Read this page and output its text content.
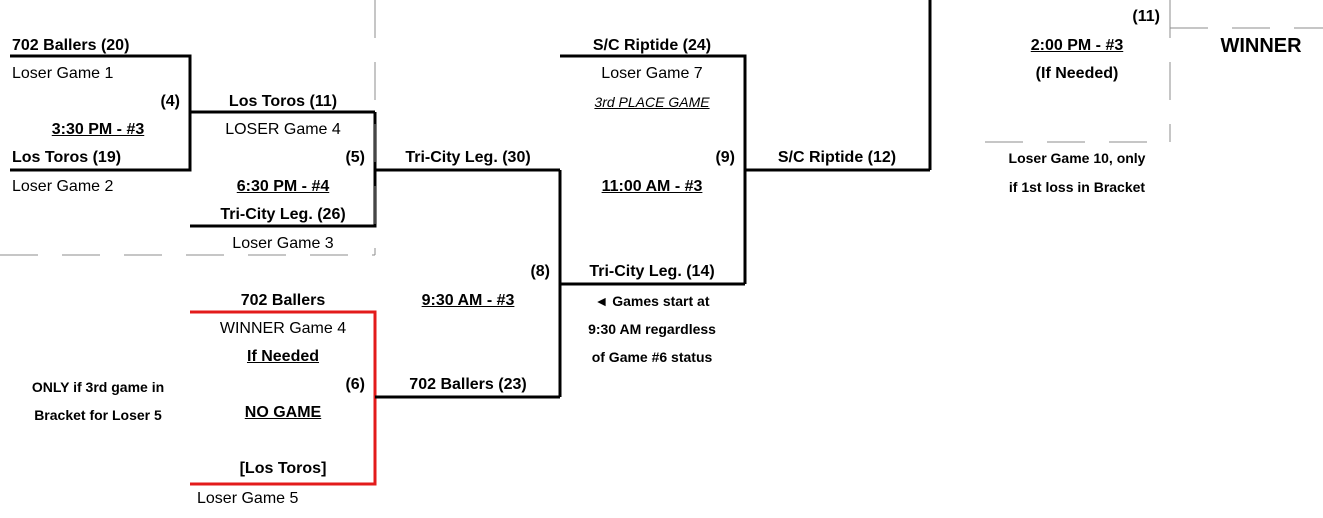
702 Ballers (20)
Loser Game 1
(4)
3:30 PM - #3
Los Toros (19)
Loser Game 2
Los Toros (11)
LOSER Game 4
(5)
6:30 PM - #4
Tri-City Leg. (26)
Loser Game 3
702 Ballers
WINNER Game 4
If Needed
(6)
NO GAME
[Los Toros]
Loser Game 5
ONLY if 3rd game in
Bracket for Loser 5
Tri-City Leg. (30)
(8)
9:30 AM - #3
702 Ballers (23)
S/C Riptide (24)
Loser Game 7
3rd PLACE GAME
(9)
11:00 AM - #3
Tri-City Leg. (14)
◄ Games start at
9:30 AM regardless
of Game #6 status
S/C Riptide (12)
(11)
2:00 PM - #3
(If Needed)
Loser Game 10, only
if 1st loss in Bracket
WINNER
